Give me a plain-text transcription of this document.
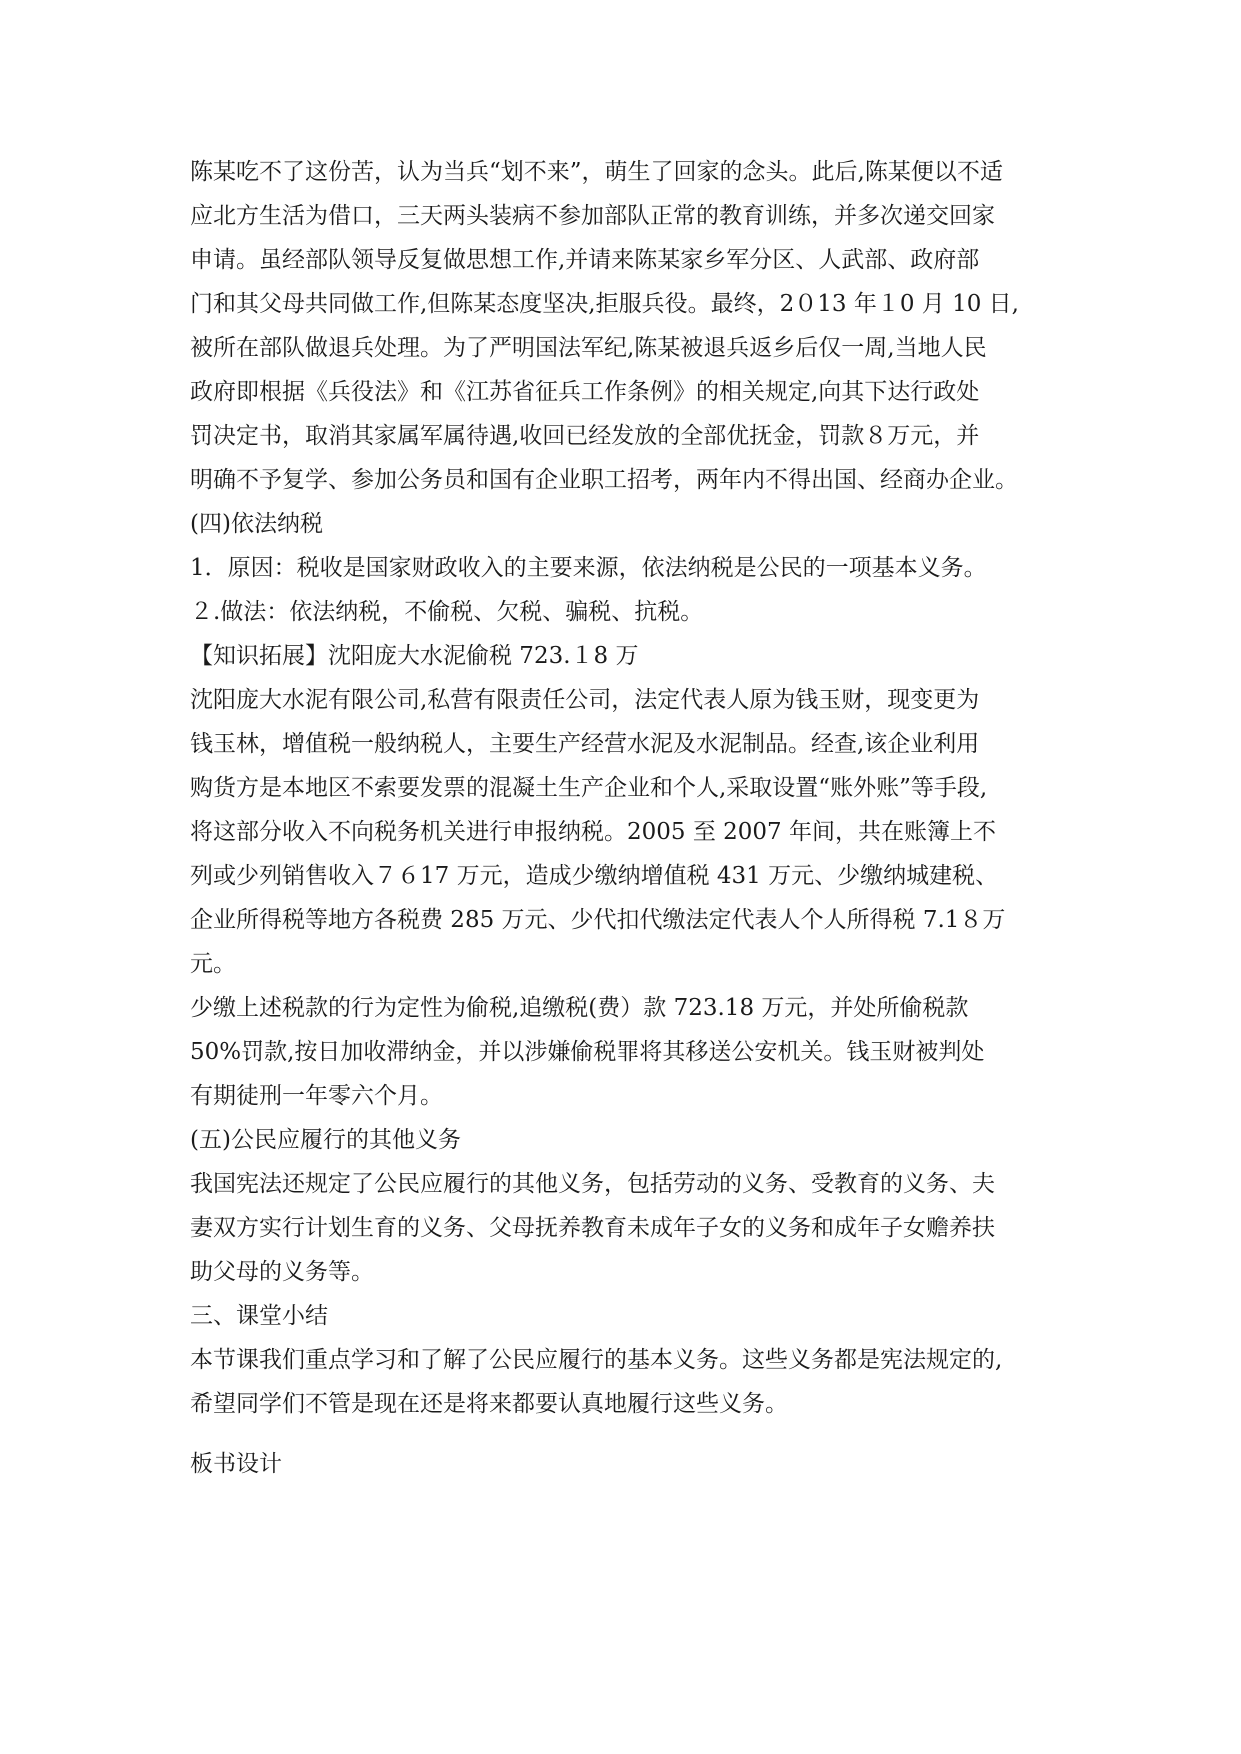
陈某吃不了这份苦，认为当兵“划不来”，萌生了回家的念头。此后,陈某便以不适
应北方生活为借口，三天两头装病不参加部队正常的教育训练，并多次递交回家
申请。虽经部队领导反复做思想工作,并请来陈某家乡军分区、人武部、政府部
门和其父母共同做工作,但陈某态度坚决,拒服兵役。最终，2０13 年１0 月 10 日,
被所在部队做退兵处理。为了严明国法军纪,陈某被退兵返乡后仅一周,当地人民
政府即根据《兵役法》和《江苏省征兵工作条例》的相关规定,向其下达行政处
罚决定书，取消其家属军属待遇,收回已经发放的全部优抚金，罚款８万元，并
明确不予复学、参加公务员和国有企业职工招考，两年内不得出国、经商办企业。
(四)依法纳税
1．原因：税收是国家财政收入的主要来源，依法纳税是公民的一项基本义务。
２.做法：依法纳税，不偷税、欠税、骗税、抗税。
【知识拓展】沈阳庞大水泥偷税 723.１8 万
沈阳庞大水泥有限公司,私营有限责任公司，法定代表人原为钱玉财，现变更为
钱玉林，增值税一般纳税人，主要生产经营水泥及水泥制品。经查,该企业利用
购货方是本地区不索要发票的混凝土生产企业和个人,采取设置“账外账”等手段,
将这部分收入不向税务机关进行申报纳税。2005 至 2007 年间，共在账簿上不
列或少列销售收入７６17 万元，造成少缴纳增值税 431 万元、少缴纳城建税、
企业所得税等地方各税费 285 万元、少代扣代缴法定代表人个人所得税 7.1８万
元。
少缴上述税款的行为定性为偷税,追缴税(费）款 723.18 万元，并处所偷税款
50%罚款,按日加收滞纳金，并以涉嫌偷税罪将其移送公安机关。钱玉财被判处
有期徒刑一年零六个月。
(五)公民应履行的其他义务
我国宪法还规定了公民应履行的其他义务，包括劳动的义务、受教育的义务、夫
妻双方实行计划生育的义务、父母抚养教育未成年子女的义务和成年子女赡养扶
助父母的义务等。
三、课堂小结
本节课我们重点学习和了解了公民应履行的基本义务。这些义务都是宪法规定的,
希望同学们不管是现在还是将来都要认真地履行这些义务。
板书设计
